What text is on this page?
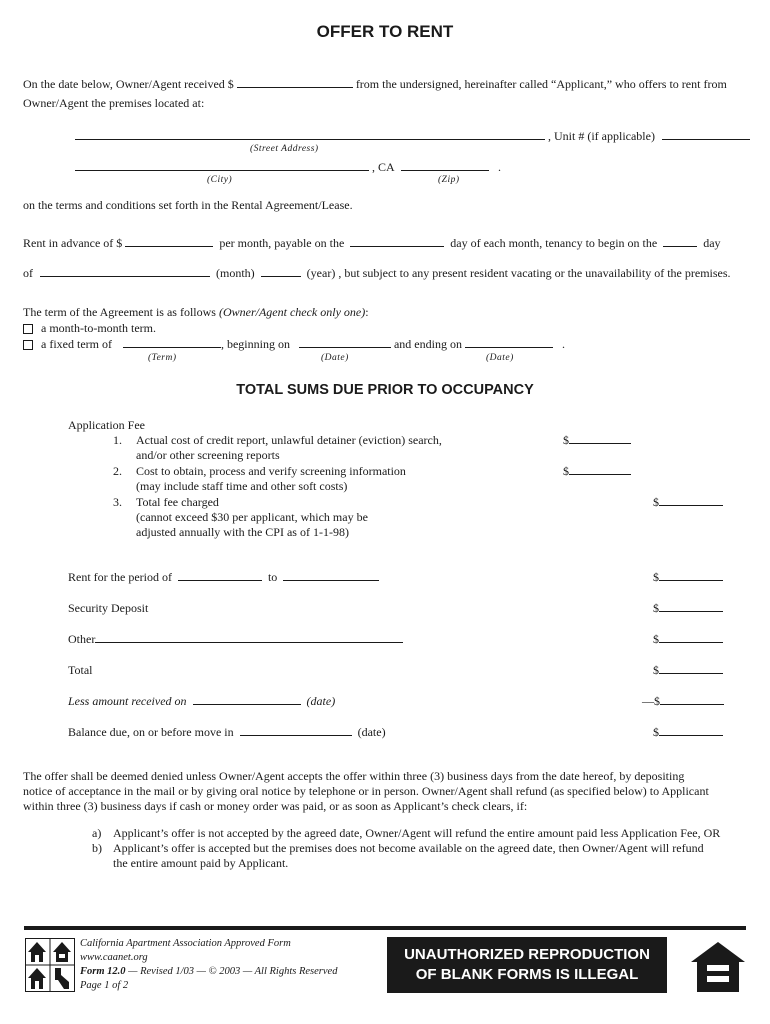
OFFER TO RENT
On the date below, Owner/Agent received $	from the undersigned, hereinafter called “Applicant,” who offers to rent from
Owner/Agent the premises located at:
, Unit # (if applicable)
(Street Address)
, CA	.
(City)	(Zip)
on the terms and conditions set forth in the Rental Agreement/Lease.
Rent in advance of $	per month, payable on the	day of each month, tenancy to begin on the	day
of	(month)	(year) , but subject to any present resident vacating or the unavailability of the premises.
The term of the Agreement is as follows (Owner/Agent check only one):
a month-to-month term.
a fixed term of	, beginning on	and ending on	.
(Term)	(Date)	(Date)
TOTAL SUMS DUE PRIOR TO OCCUPANCY
Application Fee
1. Actual cost of credit report, unlawful detainer (eviction) search,
and/or other screening reports
$
2. Cost to obtain, process and verify screening information
(may include staff time and other soft costs)
$
3. Total fee charged
(cannot exceed $30 per applicant, which may be
adjusted annually with the CPI as of 1-1-98)
$
Rent for the period of	to	$
Security Deposit	$
Other	$
Total	$
Less amount received on	(date)	—$
Balance due, on or before move in	(date)	$
The offer shall be deemed denied unless Owner/Agent accepts the offer within three (3) business days from the date hereof, by depositing
notice of acceptance in the mail or by giving oral notice by telephone or in person. Owner/Agent shall refund (as specified below) to Applicant
within three (3) business days if cash or money order was paid, or as soon as Applicant’s check clears, if:
a) Applicant’s offer is not accepted by the agreed date, Owner/Agent will refund the entire amount paid less Application Fee, OR
b) Applicant’s offer is accepted but the premises does not become available on the agreed date, then Owner/Agent will refund
the entire amount paid by Applicant.
California Apartment Association Approved Form
www.caanet.org
Form 12.0 — Revised 1/03 — © 2003 — All Rights Reserved
Page 1 of 2
UNAUTHORIZED REPRODUCTION
OF BLANK FORMS IS ILLEGAL
